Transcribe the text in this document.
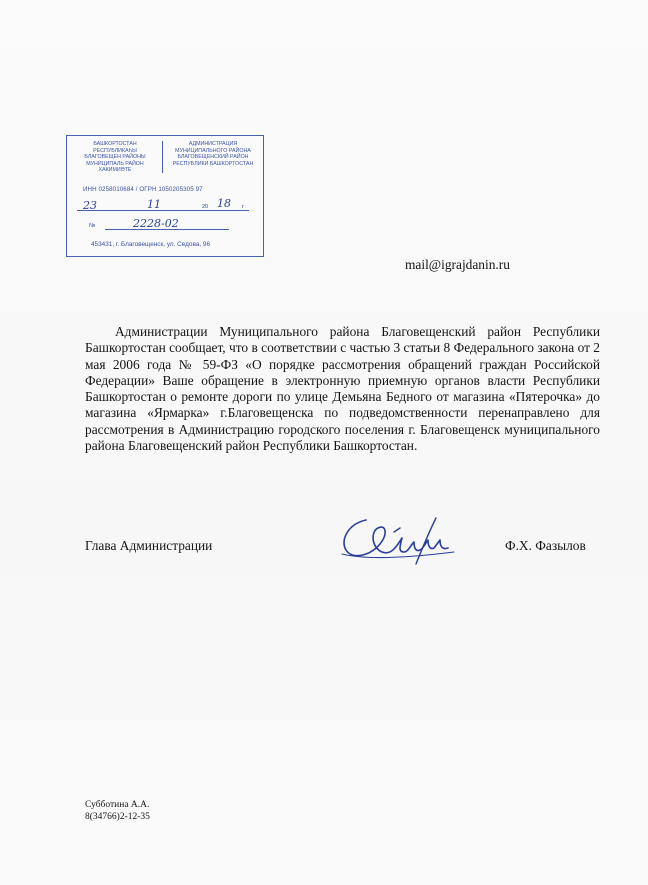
БАШКОРТОСТАН РЕСПУБЛИКАҺЫ
БЛАГОВЕЩЕН РАЙОНЫ
МУНИЦИПАЛЬ РАЙОН
ХАКИМИӘТЕ
АДМИНИСТРАЦИЯ
МУНИЦИПАЛЬНОГО РАЙОНА
БЛАГОВЕЩЕНСКИЙ РАЙОН
РЕСПУБЛИКИ БАШКОРТОСТАН
ИНН 0258010684 / ОГРН 1050205305 97
23	11	20 18 г
№	2228-02
453431, г. Благовещенск, ул. Седова, 96
mail@igrajdanin.ru
Администрации Муниципального района Благовещенский район Республики Башкортостан сообщает, что в соответствии с частью 3 статьи 8 Федерального закона от 2 мая 2006 года № 59-ФЗ «О порядке рассмотрения обращений граждан Российской Федерации» Ваше обращение в электронную приемную органов власти Республики Башкортостан о ремонте дороги по улице Демьяна Бедного от магазина «Пятерочка» до магазина «Ярмарка» г.Благовещенска по подведомственности перенаправлено для рассмотрения в Администрацию городского поселения г. Благовещенск муниципального района Благовещенский район Республики Башкортостан.
Глава Администрации	Ф.Х. Фазылов
Субботина А.А.
8(34766)2-12-35
